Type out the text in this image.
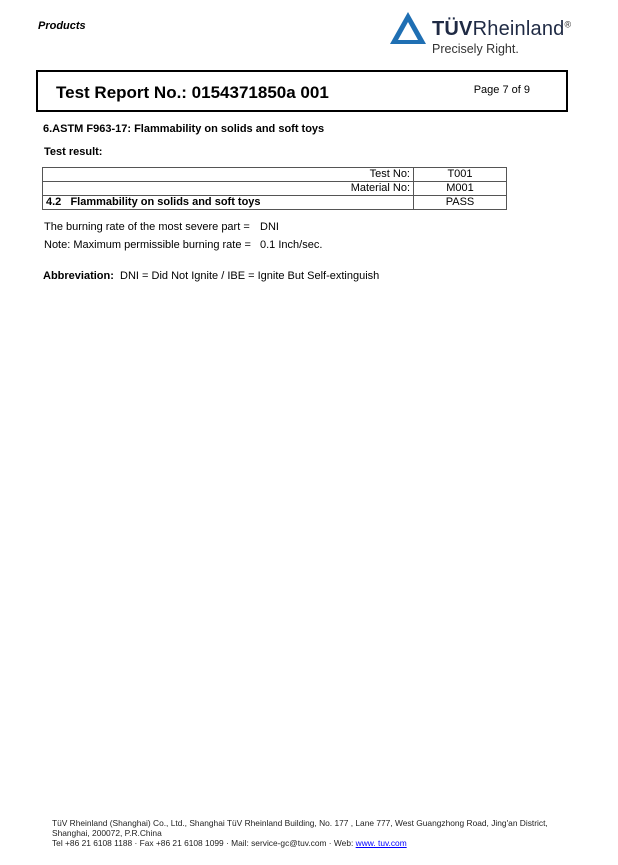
Products	TÜVRheinland®
Precisely Right.
Test Report No.: 0154371850a 001	Page 7 of 9
6.ASTM F963-17: Flammability on solids and soft toys
Test result:
Test No:	T001
Material No:	M001
4.2   Flammability on solids and soft toys	PASS
The burning rate of the most severe part = DNI
Note: Maximum permissible burning rate = 0.1 Inch/sec.
Abbreviation: DNI = Did Not Ignite / IBE = Ignite But Self-extinguish
TüV Rheinland (Shanghai) Co., Ltd., Shanghai TüV Rheinland Building, No. 177 , Lane 777, West Guangzhong Road, Jing'an District,
Shanghai, 200072, P.R.China
Tel +86 21 6108 1188 · Fax +86 21 6108 1099 · Mail: service-gc@tuv.com · Web: www. tuv.com
